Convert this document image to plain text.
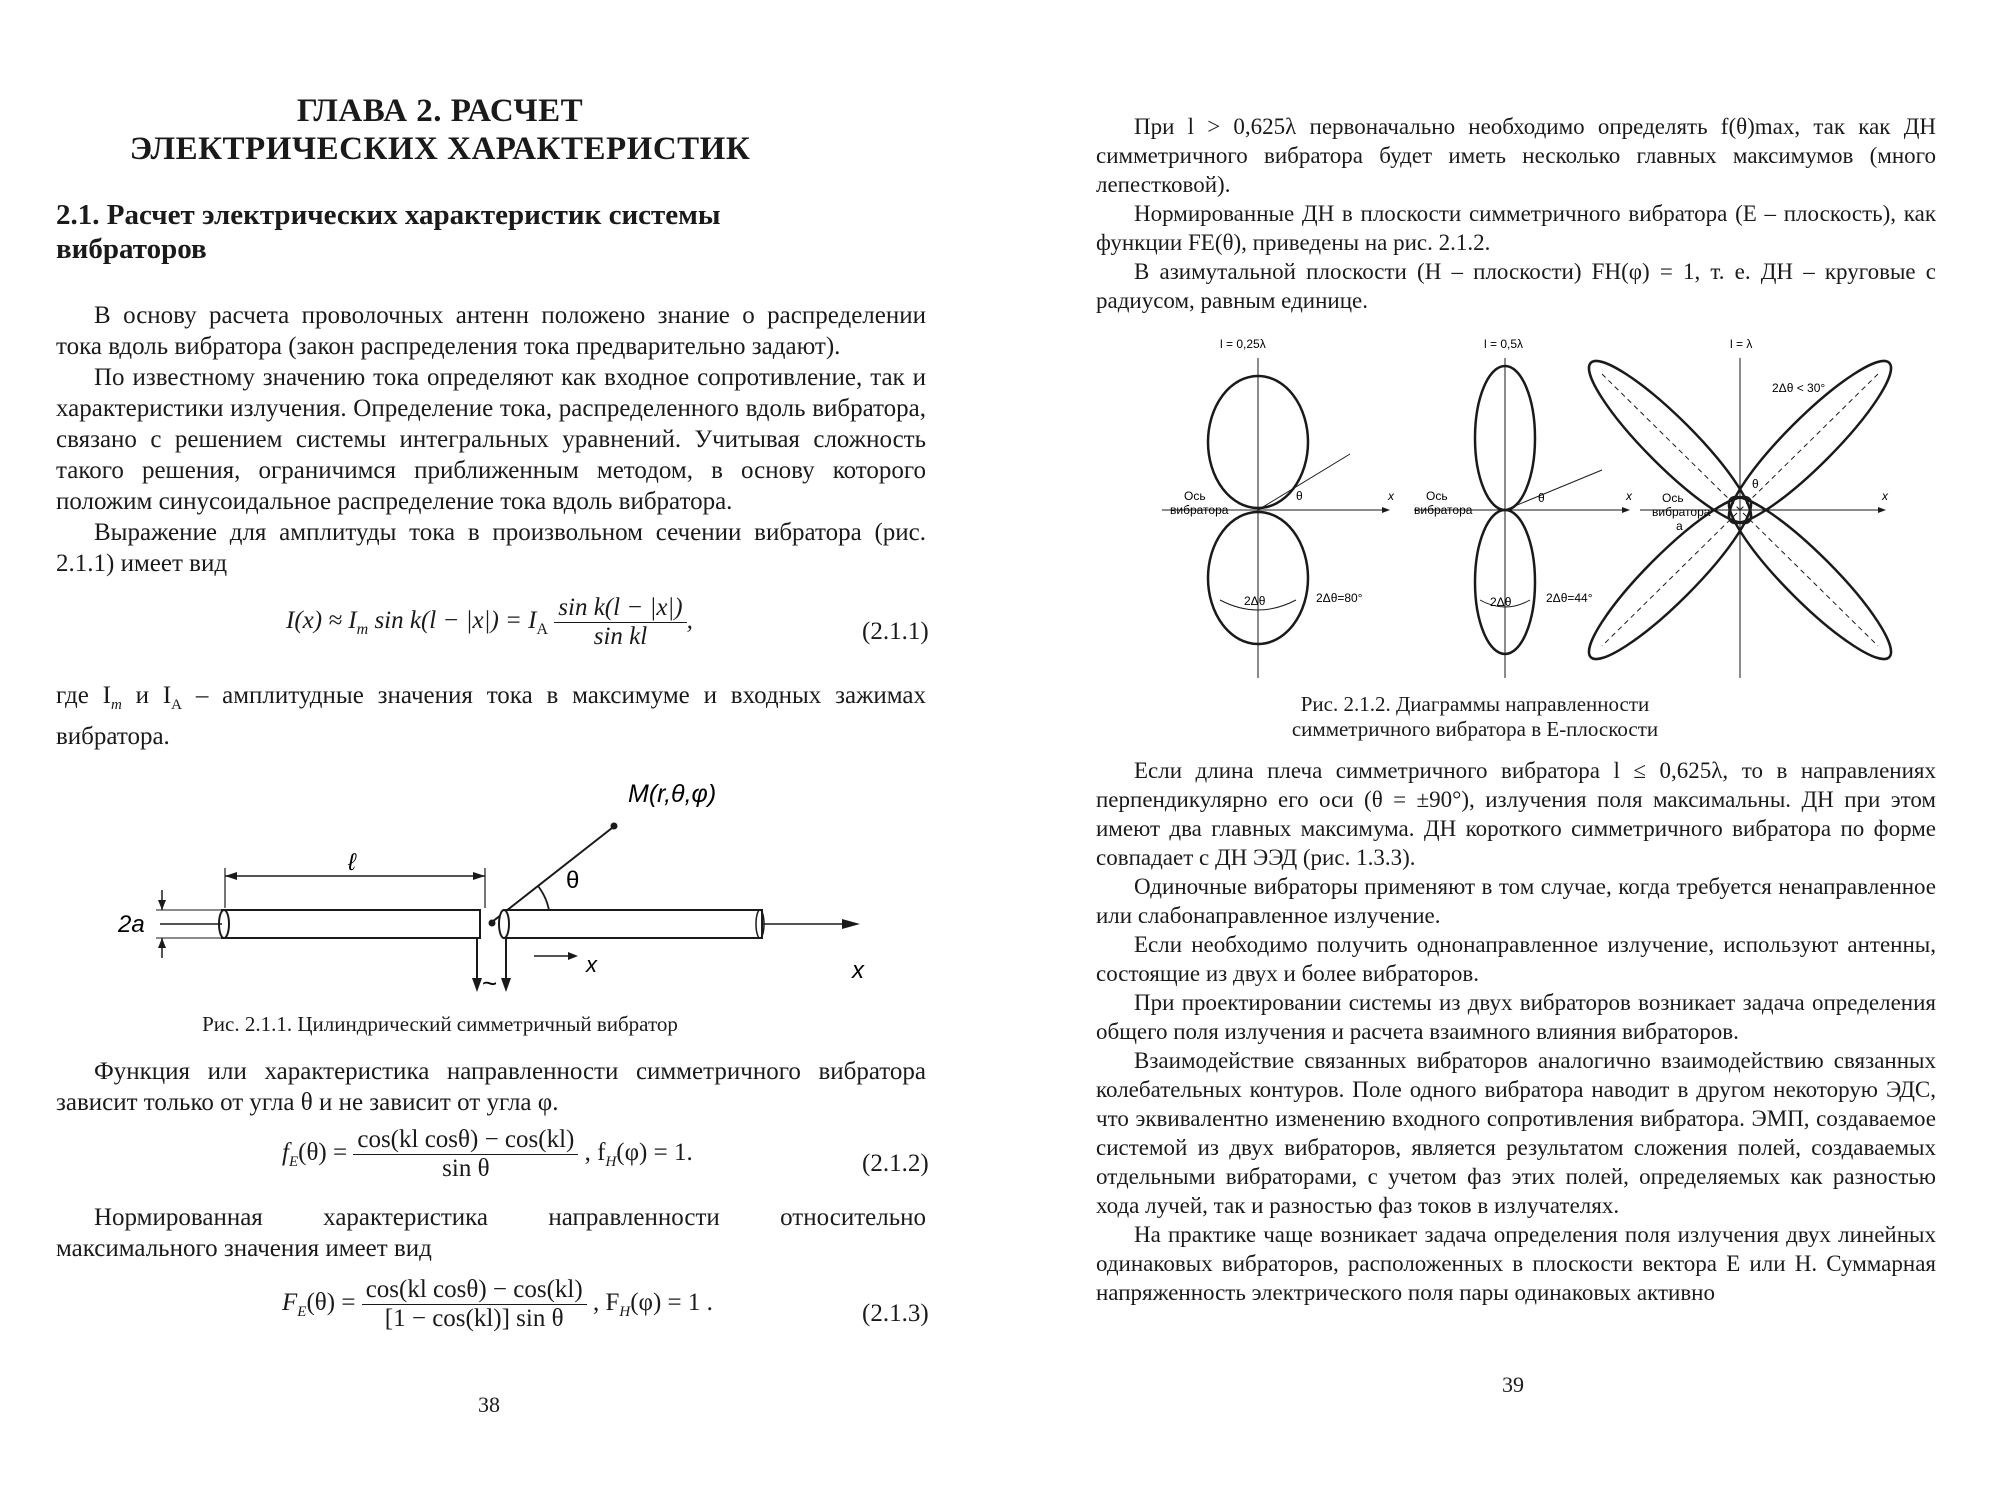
ГЛАВА 2. РАСЧЕТ
ЭЛЕКТРИЧЕСКИХ ХАРАКТЕРИСТИК
2.1. Расчет электрических характеристик системы
вибраторов

В основу расчета проволочных антенн положено знание о распределении тока вдоль вибратора (закон распределения тока предварительно задают).

По известному значению тока определяют как входное сопротивление, так и характеристики излучения. Определение тока, распределенного вдоль вибратора, связано с решением системы интегральных уравнений. Учитывая сложность такого решения, ограничимся приближенным методом, в основу которого положим синусоидальное распределение тока вдоль вибратора.

Выражение для амплитуды тока в произвольном сечении вибратора (рис. 2.1.1) имеет вид

$I(x) \approx I_m$ $\sin k(l - |x|) = I_A \frac{\text{sin k(l − |x|)}}{\text{sin kl}}$ ,	(2.1.1)
где $I_m$ и $I_A$ – амплитудные значения тока в максимуме и входных зажимах вибратора.
M(r,θ,φ)
θ
ℓ
x
2a
~
x
Рис. 2.1.1. Цилиндрический симметричный вибратор

Функция или характеристика направленности симметричного вибратора зависит только от угла θ и не зависит от угла φ.

$f_E(\theta) = \frac{\text{cos(kl cosθ) − cos(kl)}}{\text{sin θ}}$ , $f_H(\varphi) = 1$.	(2.1.2)

Нормированная характеристика направленности относительно максимального значения имеет вид

$F_E(\theta) = \frac{\text{cos(kl cosθ) − cos(kl)}}{\text{[1 − cos(kl)] sin θ}}$ , $F_H(\varphi) = 1$ .	(2.1.3)
38

При l > 0,625λ первоначально необходимо определять f(θ)max, так как ДН симметричного вибратора будет иметь несколько главных максимумов (много лепестковой).

Нормированные ДН в плоскости симметричного вибратора (E – плоскость), как функции FE(θ), приведены на рис. 2.1.2.

В азимутальной плоскости (H – плоскости) FH(φ) = 1, т. е. ДН – круговые с радиусом, равным единице.

l = 0,25λ
θ	x
Ось
вибратора
2Δθ	2Δθ=80°
l = 0,5λ
θ	x
Ось
вибратора
2Δθ	2Δθ=44°
l = λ
2Δθ < 30°
θ
x
Ось
вибратора
а
Рис. 2.1.2. Диаграммы направленности
симметричного вибратора в E-плоскости

Если длина плеча симметричного вибратора l ≤ 0,625λ, то в направлениях перпендикулярно его оси (θ = ±90°), излучения поля максимальны. ДН при этом имеют два главных максимума. ДН короткого симметричного вибратора по форме совпадает с ДН ЭЭД (рис. 1.3.3).

Одиночные вибраторы применяют в том случае, когда требуется ненаправленное или слабонаправленное излучение.

Если необходимо получить однонаправленное излучение, используют антенны, состоящие из двух и более вибраторов.

При проектировании системы из двух вибраторов возникает задача определения общего поля излучения и расчета взаимного влияния вибраторов.

Взаимодействие связанных вибраторов аналогично взаимодействию связанных колебательных контуров. Поле одного вибратора наводит в другом некоторую ЭДС, что эквивалентно изменению входного сопротивления вибратора. ЭМП, создаваемое системой из двух вибраторов, является результатом сложения полей, создаваемых отдельными вибраторами, с учетом фаз этих полей, определяемых как разностью хода лучей, так и разностью фаз токов в излучателях.

На практике чаще возникает задача определения поля излучения двух линейных одинаковых вибраторов, расположенных в плоскости вектора E или H. Суммарная напряженность электрического поля пары одинаковых активно

39
